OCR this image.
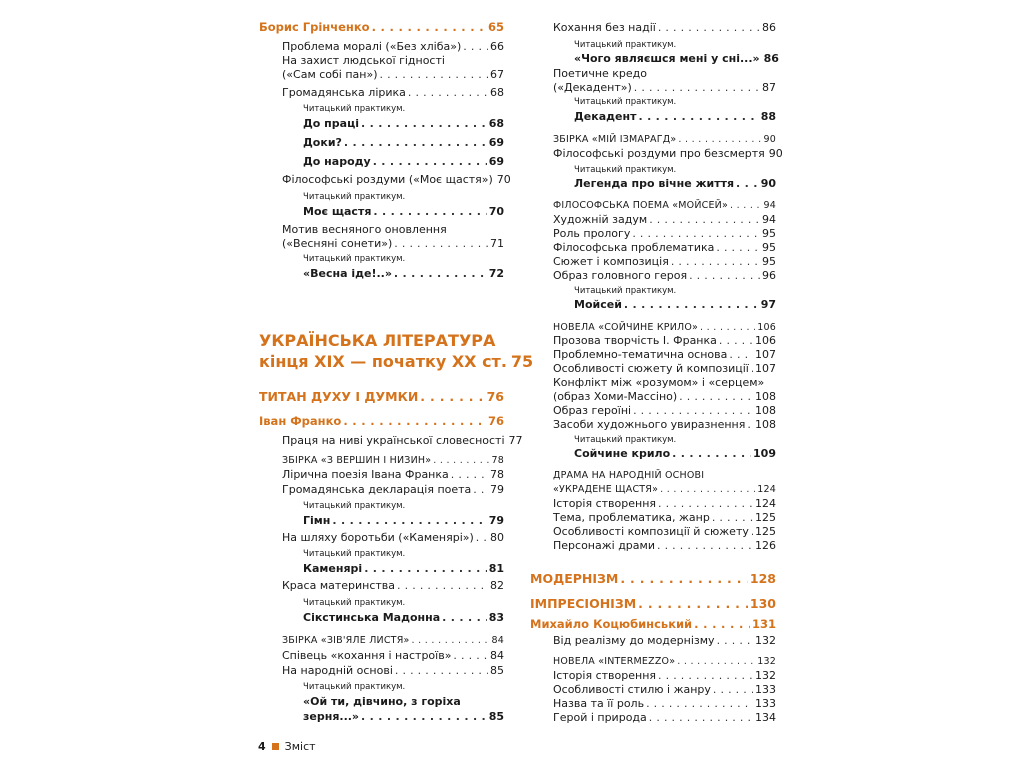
Борис Грінченко . . .	65
Проблема моралі («Без хліба») . . .	66
На захист людської гідності
(«Сам собі пан») . . .	67
Громадянська лірика . . .	68
Читацький практикум.
До праці . . .	68
Доки? . . .	69
До народу . . .	69
Філософські роздуми («Моє щастя») 70
Читацький практикум.
Моє щастя . . .	70
Мотив весняного оновлення
(«Весняні сонети») . . .	71
Читацький практикум.
«Весна іде!..» . . .	72
УКРАЇНСЬКА ЛІТЕРАТУРА
кінця XIX — початку XX ст. 75
ТИТАН ДУХУ І ДУМКИ . . .	76
Іван Франко . . .	76
Праця на ниві української словесності 77
ЗБІРКА «З ВЕРШИН І НИЗИН» . . .	78
Лірична поезія Івана Франка . . .	78
Громадянська декларація поета . . . 79
Читацький практикум.
Гімн . . .	79
На шляху боротьби («Каменярі») . . . 80
Читацький практикум.
Каменярі . . .	81
Краса материнства . . .	82
Читацький практикум.
Сікстинська Мадонна . . .	83
ЗБІРКА «ЗІВ'ЯЛЕ ЛИСТЯ» . . .	84
Співець «кохання і настроїв» . . .	84
На народній основі . . .	85
Читацький практикум.
«Ой ти, дівчино, з горіха
зерня...» . . .	85
Кохання без надії . . .	86
Читацький практикум.
«Чого являєшся мені у сні...» 86
Поетичне кредо
(«Декадент») . . .	87
Читацький практикум.
Декадент . . .	88
ЗБІРКА «МІЙ ІЗМАРАГД» . . .	90
Філософські роздуми про безсмертя 90
Читацький практикум.
Легенда про вічне життя . . . 90
ФІЛОСОФСЬКА ПОЕМА «МОЙСЕЙ» . . .	94
Художній задум . . .	94
Роль прологу . . .	95
Філософська проблематика . . .	95
Сюжет і композиція . . .	95
Образ головного героя . . .	96
Читацький практикум.
Мойсей . . .	97
НОВЕЛА «СОЙЧИНЕ КРИЛО» . . .	106
Прозова творчість І. Франка . . .	106
Проблемно-тематична основа . . .	107
Особливості сюжету й композиції . . . 107
Конфлікт між «розумом» і «серцем»
(образ Хоми-Массіно) . . .	108
Образ героїні . . .	108
Засоби художнього увиразнення . . . 108
Читацький практикум.
Сойчине крило . . .	109
ДРАМА НА НАРОДНІЙ ОСНОВІ
«УКРАДЕНЕ ЩАСТЯ» . . .	124
Історія створення . . .	124
Тема, проблематика, жанр . . .	125
Особливості композиції й сюжету . . . 125
Персонажі драми . . .	126
МОДЕРНІЗМ . . .	128
ІМПРЕСІОНІЗМ . . .	130
Михайло Коцюбинський . . .	131
Від реалізму до модернізму . . .	132
НОВЕЛА «INTERMEZZO» . . .	132
Історія створення . . .	132
Особливості стилю і жанру . . .	133
Назва та її роль . . .	133
Герой і природа . . .	134
4 Зміст
